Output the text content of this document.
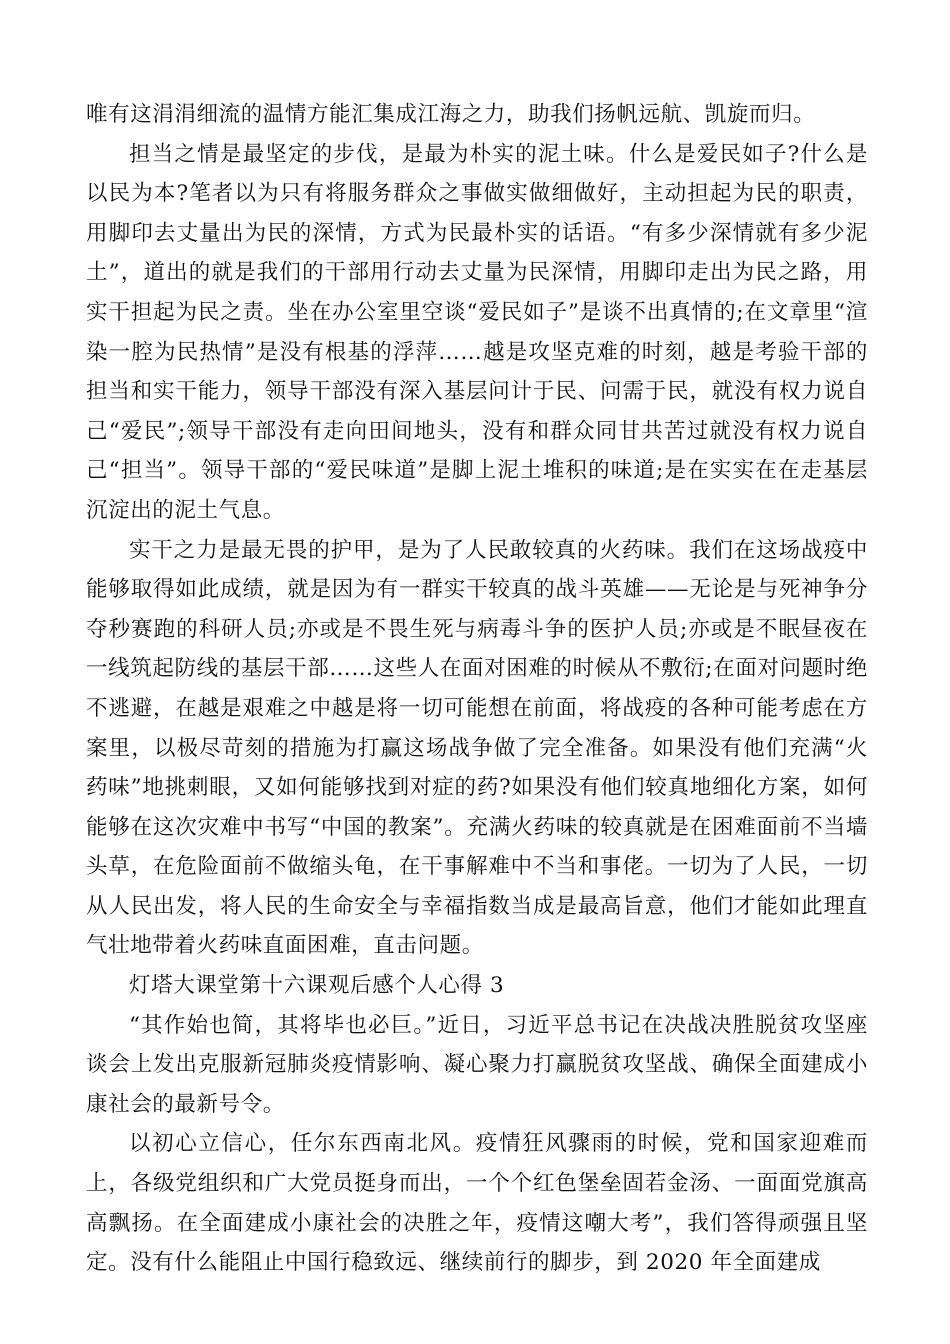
唯有这涓涓细流的温情方能汇集成江海之力，助我们扬帆远航、凯旋而归。

担当之情是最坚定的步伐，是最为朴实的泥土味。什么是爱民如子?什么是以民为本?笔者以为只有将服务群众之事做实做细做好，主动担起为民的职责，用脚印去丈量出为民的深情，方式为民最朴实的话语。“有多少深情就有多少泥土”，道出的就是我们的干部用行动去丈量为民深情，用脚印走出为民之路，用实干担起为民之责。坐在办公室里空谈“爱民如子”是谈不出真情的;在文章里“渲染一腔为民热情”是没有根基的浮萍……越是攻坚克难的时刻，越是考验干部的担当和实干能力，领导干部没有深入基层问计于民、问需于民，就没有权力说自己“爱民”;领导干部没有走向田间地头，没有和群众同甘共苦过就没有权力说自己“担当”。领导干部的“爱民味道”是脚上泥土堆积的味道;是在实实在在走基层沉淀出的泥土气息。

实干之力是最无畏的护甲，是为了人民敢较真的火药味。我们在这场战疫中能够取得如此成绩，就是因为有一群实干较真的战斗英雄——无论是与死神争分夺秒赛跑的科研人员;亦或是不畏生死与病毒斗争的医护人员;亦或是不眠昼夜在一线筑起防线的基层干部……这些人在面对困难的时候从不敷衍;在面对问题时绝不逃避，在越是艰难之中越是将一切可能想在前面，将战疫的各种可能考虑在方案里，以极尽苛刻的措施为打赢这场战争做了完全准备。如果没有他们充满“火药味”地挑刺眼，又如何能够找到对症的药?如果没有他们较真地细化方案，如何能够在这次灾难中书写“中国的教案”。充满火药味的较真就是在困难面前不当墙头草，在危险面前不做缩头龟，在干事解难中不当和事佬。一切为了人民，一切从人民出发，将人民的生命安全与幸福指数当成是最高旨意，他们才能如此理直气壮地带着火药味直面困难，直击问题。

灯塔大课堂第十六课观后感个人心得 3

“其作始也简，其将毕也必巨。”近日，习近平总书记在决战决胜脱贫攻坚座谈会上发出克服新冠肺炎疫情影响、凝心聚力打赢脱贫攻坚战、确保全面建成小康社会的最新号令。

以初心立信心，任尔东西南北风。疫情狂风骤雨的时候，党和国家迎难而上，各级党组织和广大党员挺身而出，一个个红色堡垒固若金汤、一面面党旗高高飘扬。在全面建成小康社会的决胜之年，疫情这嘲大考”，我们答得顽强且坚定。没有什么能阻止中国行稳致远、继续前行的脚步，到 2020 年全面建成
